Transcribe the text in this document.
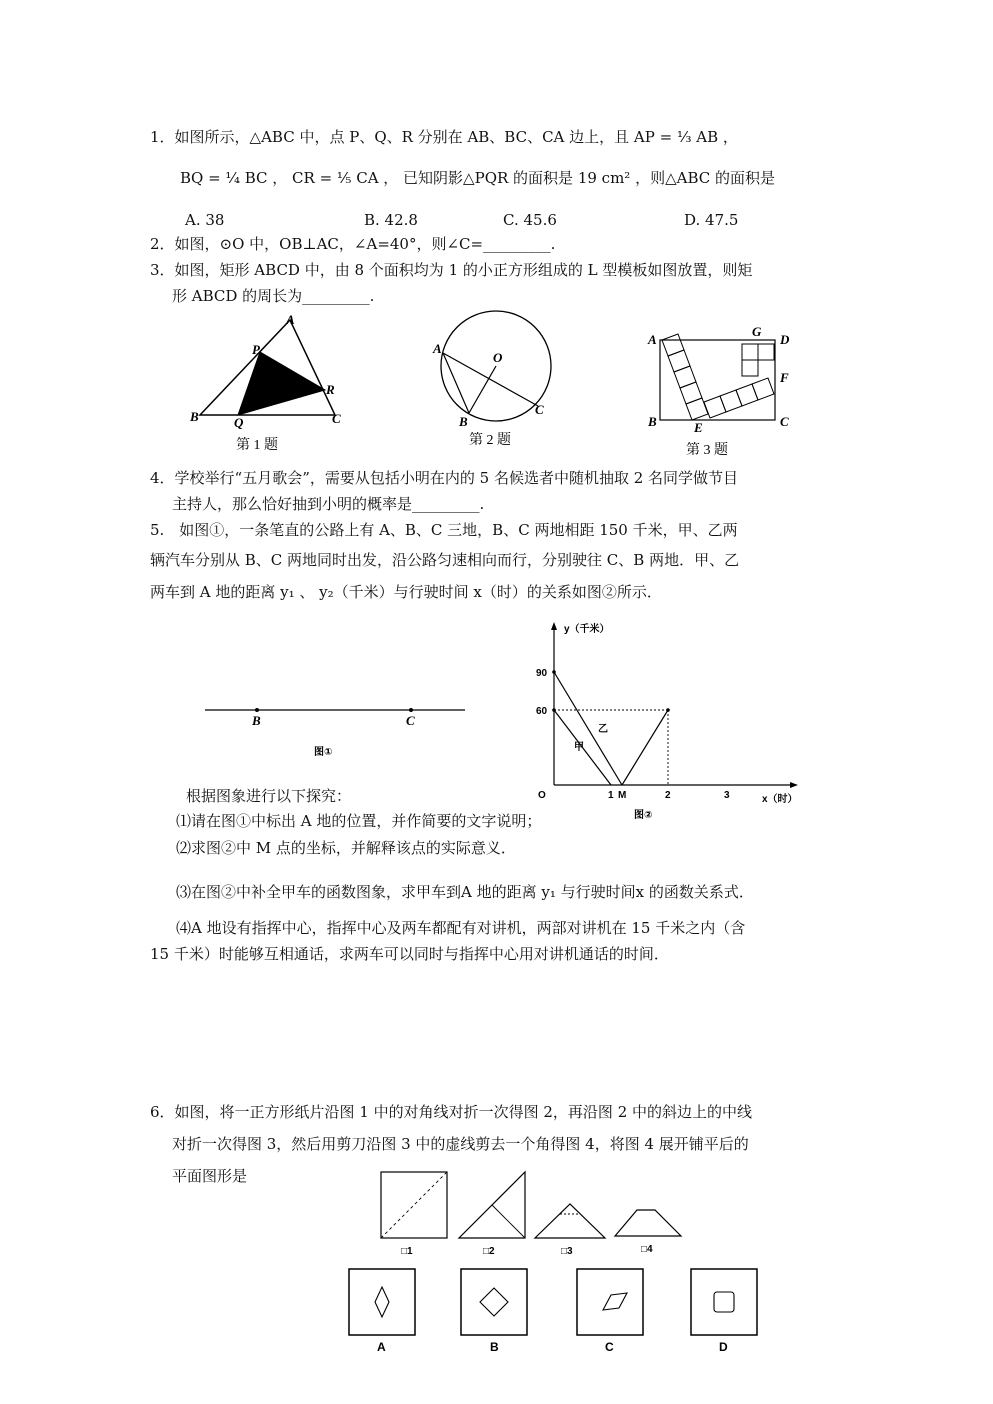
1．如图所示，△ABC 中，点 P、Q、R 分别在 AB、BC、CA 边上，且 AP = ¹⁄₃ AB ，
BQ = ¹⁄₄ BC ， CR = ¹⁄₅ CA ， 已知阴影△PQR 的面积是 19 cm² ，则△ABC 的面积是
A. 38	B. 42.8	C. 45.6	D. 47.5
2．如图，⊙O 中，OB⊥AC，∠A=40°，则∠C=_________.
3．如图，矩形 ABCD 中，由 8 个面积均为 1 的小正方形组成的 L 型模板如图放置，则矩
形 ABCD 的周长为_________.
A
P
R
B	Q	C
第 1 题
A
O
B
C
第 2 题
A
G
D
F
B	E	C
第 3 题
4．学校举行“五月歌会”，需要从包括小明在内的 5 名候选者中随机抽取 2 名同学做节目
主持人，那么恰好抽到小明的概率是_________.
5.　如图①，一条笔直的公路上有 A、B、C 三地，B、C 两地相距 150 千米，甲、乙两
辆汽车分别从 B、C 两地同时出发，沿公路匀速相向而行，分别驶往 C、B 两地．甲、乙
两车到 A 地的距离 y₁ 、 y₂（千米）与行驶时间 x（时）的关系如图②所示．
B	C
图①
y（千米）
90
60
O	1 M	2	3	x（时）
乙
甲
图②
根据图象进行以下探究：
⑴请在图①中标出 A 地的位置，并作简要的文字说明；
⑵求图②中 M 点的坐标，并解释该点的实际意义．
⑶在图②中补全甲车的函数图象，求甲车到A 地的距离 y₁ 与行驶时间x 的函数关系式．
⑷A 地设有指挥中心，指挥中心及两车都配有对讲机，两部对讲机在 15 千米之内（含
15 千米）时能够互相通话，求两车可以同时与指挥中心用对讲机通话的时间．
6．如图，将一正方形纸片沿图 1 中的对角线对折一次得图 2，再沿图 2 中的斜边上的中线
对折一次得图 3，然后用剪刀沿图 3 中的虚线剪去一个角得图 4，将图 4 展开铺平后的
平面图形是
□1	□2	□3	□4
A	B	C	D
